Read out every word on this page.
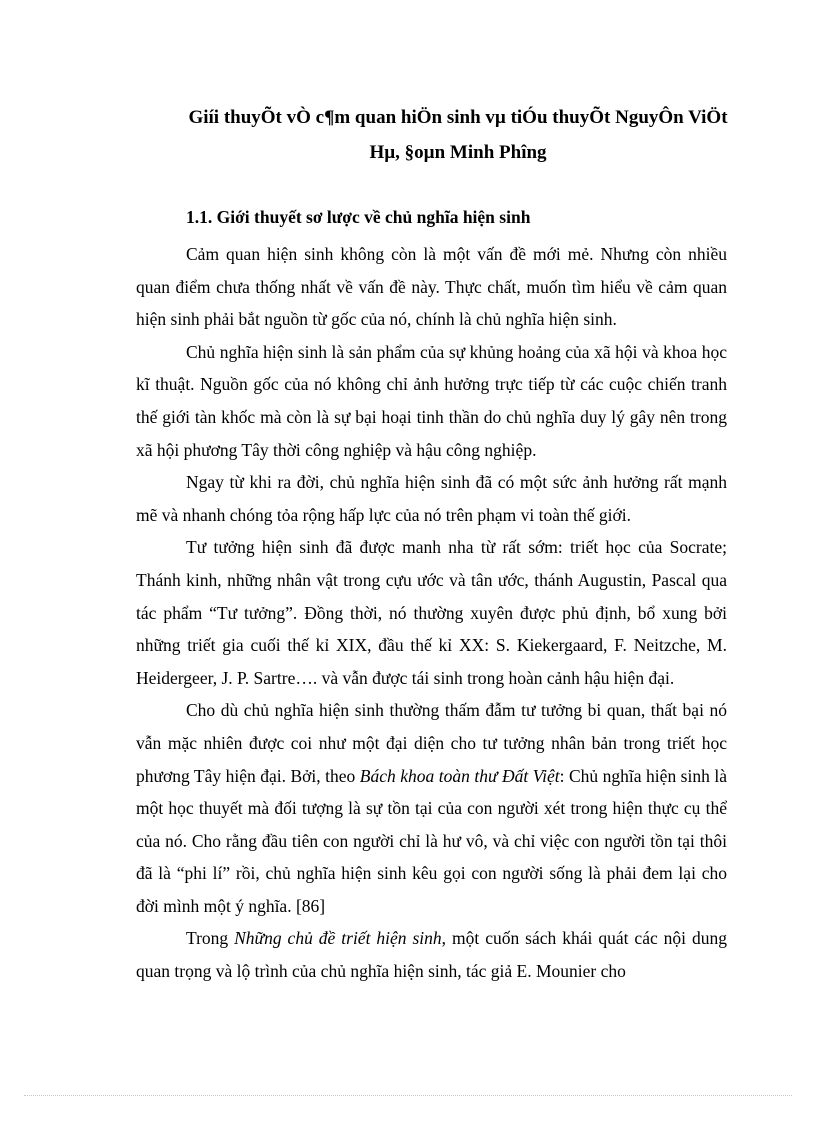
Giíi thuyÕt vÒ c¶m quan hiÖn sinh vµ tiÓu thuyÕt NguyÔn ViÖt
Hµ, §oµn Minh Phîng
1.1. Giới thuyết sơ lược về chủ nghĩa hiện sinh

Cảm quan hiện sinh không còn là một vấn đề mới mẻ. Nhưng còn nhiều quan điểm chưa thống nhất về vấn đề này. Thực chất, muốn tìm hiểu về cảm quan hiện sinh phải bắt nguồn từ gốc của nó, chính là chủ nghĩa hiện sinh.

Chủ nghĩa hiện sinh là sản phẩm của sự khủng hoảng của xã hội và khoa học kĩ thuật. Nguồn gốc của nó không chỉ ảnh hưởng trực tiếp từ các cuộc chiến tranh thế giới tàn khốc mà còn là sự bại hoại tinh thần do chủ nghĩa duy lý gây nên trong xã hội phương Tây thời công nghiệp và hậu công nghiệp.

Ngay từ khi ra đời, chủ nghĩa hiện sinh đã có một sức ảnh hưởng rất mạnh mẽ và nhanh chóng tỏa rộng hấp lực của nó trên phạm vi toàn thế giới.

Tư tưởng hiện sinh đã được manh nha từ rất sớm: triết học của Socrate; Thánh kinh, những nhân vật trong cựu ước và tân ước, thánh Augustin, Pascal qua tác phẩm “Tư tưởng”. Đồng thời, nó thường xuyên được phủ định, bổ xung bởi những triết gia cuối thế kỉ XIX, đầu thế kỉ XX: S. Kiekergaard, F. Neitzche, M. Heidergeer, J. P. Sartre…. và vẫn được tái sinh trong hoàn cảnh hậu hiện đại.

Cho dù chủ nghĩa hiện sinh thường thấm đẫm tư tưởng bi quan, thất bại nó vẫn mặc nhiên được coi như một đại diện cho tư tưởng nhân bản trong triết học phương Tây hiện đại. Bởi, theo Bách khoa toàn thư Đất Việt: Chủ nghĩa hiện sinh là một học thuyết mà đối tượng là sự tồn tại của con người xét trong hiện thực cụ thể của nó. Cho rằng đầu tiên con người chỉ là hư vô, và chỉ việc con người tồn tại thôi đã là “phi lí” rồi, chủ nghĩa hiện sinh kêu gọi con người sống là phải đem lại cho đời mình một ý nghĩa. [86]

Trong Những chủ đề triết hiện sinh, một cuốn sách khái quát các nội dung quan trọng và lộ trình của chủ nghĩa hiện sinh, tác giả E. Mounier cho
